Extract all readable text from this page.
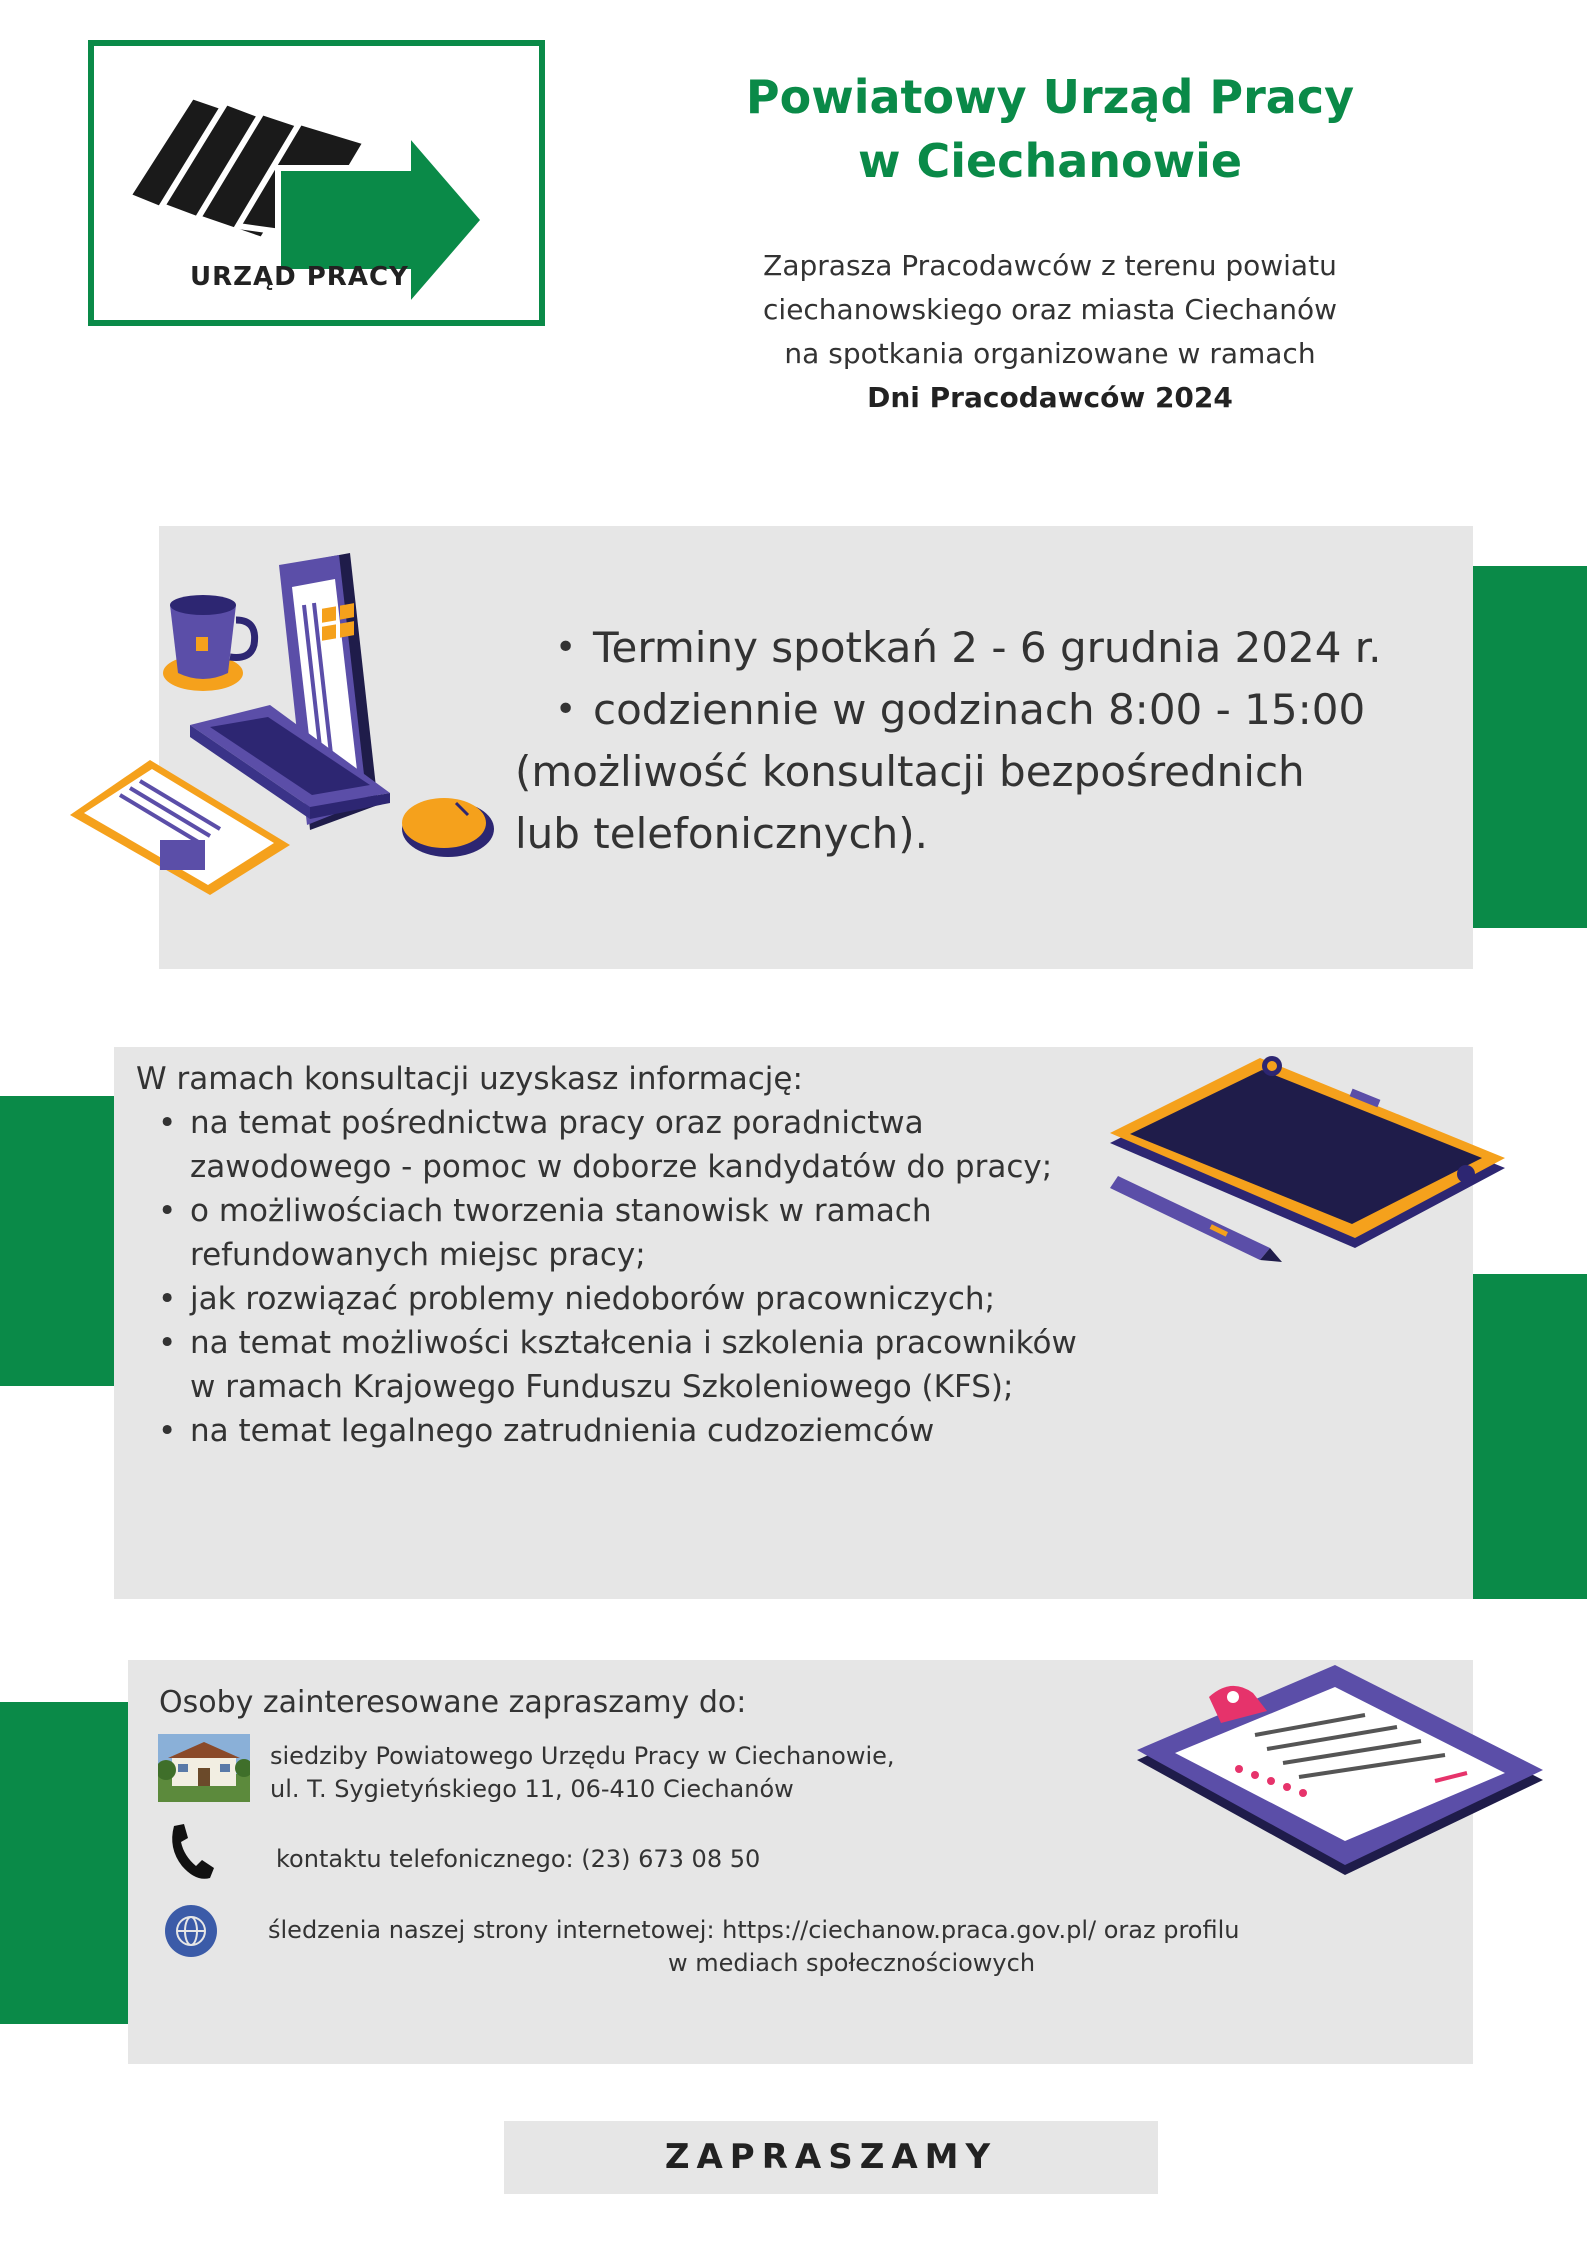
URZĄD PRACY
Powiatowy Urząd Pracy
w Ciechanowie
Zaprasza Pracodawców z terenu powiatu
ciechanowskiego oraz miasta Ciechanów
na spotkania organizowane w ramach
Dni Pracodawców 2024
• Terminy spotkań 2 - 6 grudnia 2024 r.
• codziennie w godzinach 8:00 - 15:00
(możliwość konsultacji bezpośrednich
lub telefonicznych).
W ramach konsultacji uzyskasz informację:
• na temat pośrednictwa pracy oraz poradnictwa zawodowego - pomoc w doborze kandydatów do pracy;
• o możliwościach tworzenia stanowisk w ramach refundowanych miejsc pracy;
• jak rozwiązać problemy niedoborów pracowniczych;
• na temat możliwości kształcenia i szkolenia pracowników w ramach Krajowego Funduszu Szkoleniowego (KFS);
• na temat legalnego zatrudnienia cudzoziemców
Osoby zainteresowane zapraszamy do:
siedziby Powiatowego Urzędu Pracy w Ciechanowie,
ul. T. Sygietyńskiego 11, 06-410 Ciechanów
kontaktu telefonicznego: (23) 673 08 50
śledzenia naszej strony internetowej: https://ciechanow.praca.gov.pl/ oraz profilu
w mediach społecznościowych
ZAPRASZAMY
